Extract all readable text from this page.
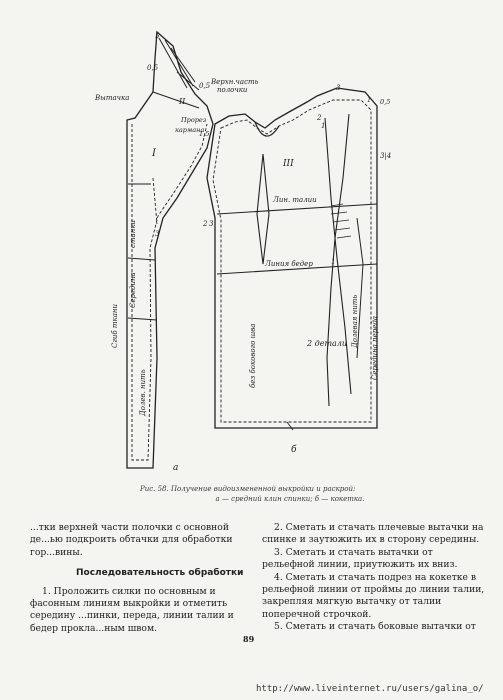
5
0,5
0,5
Вытачка
Верхн.часть
полочки
Прорез
кармана
1,5
I
II
III
3
2 3
3
1 0,5
2
1
3|4
1
Лин. талии
Линия бедер
2 детали
станки
Середина
Сгиб ткани
Долев. нить
без бокового шва
Долевая нить Середина переда
а
б
Рис. 58. Получение видоизмененной выкройки и раскрой:
а — средний клин спинки; б — кокетка.

...тки верхней части полочки с основной де...ью подкроить обтачки для обработки гор...вины.

Последовательность обработки

1. Проложить силки по основным и фасонным линиям выкройки и отметить середину ...пинки, переда, линии талии и бедер прокла...ным швом.

2. Сметать и стачать плечевые вытачки на спинке и заутюжить их в сторону середины.

3. Сметать и стачать вытачки от рельефной линии, приутюжить их вниз.

4. Сметать и стачать подрез на кокетке в рельефной линии от проймы до линии талии, закрепляя мягкую вытачку от талии поперечной строчкой.

5. Сметать и стачать боковые вытачки от

89
http://www.liveinternet.ru/users/galina_o/
